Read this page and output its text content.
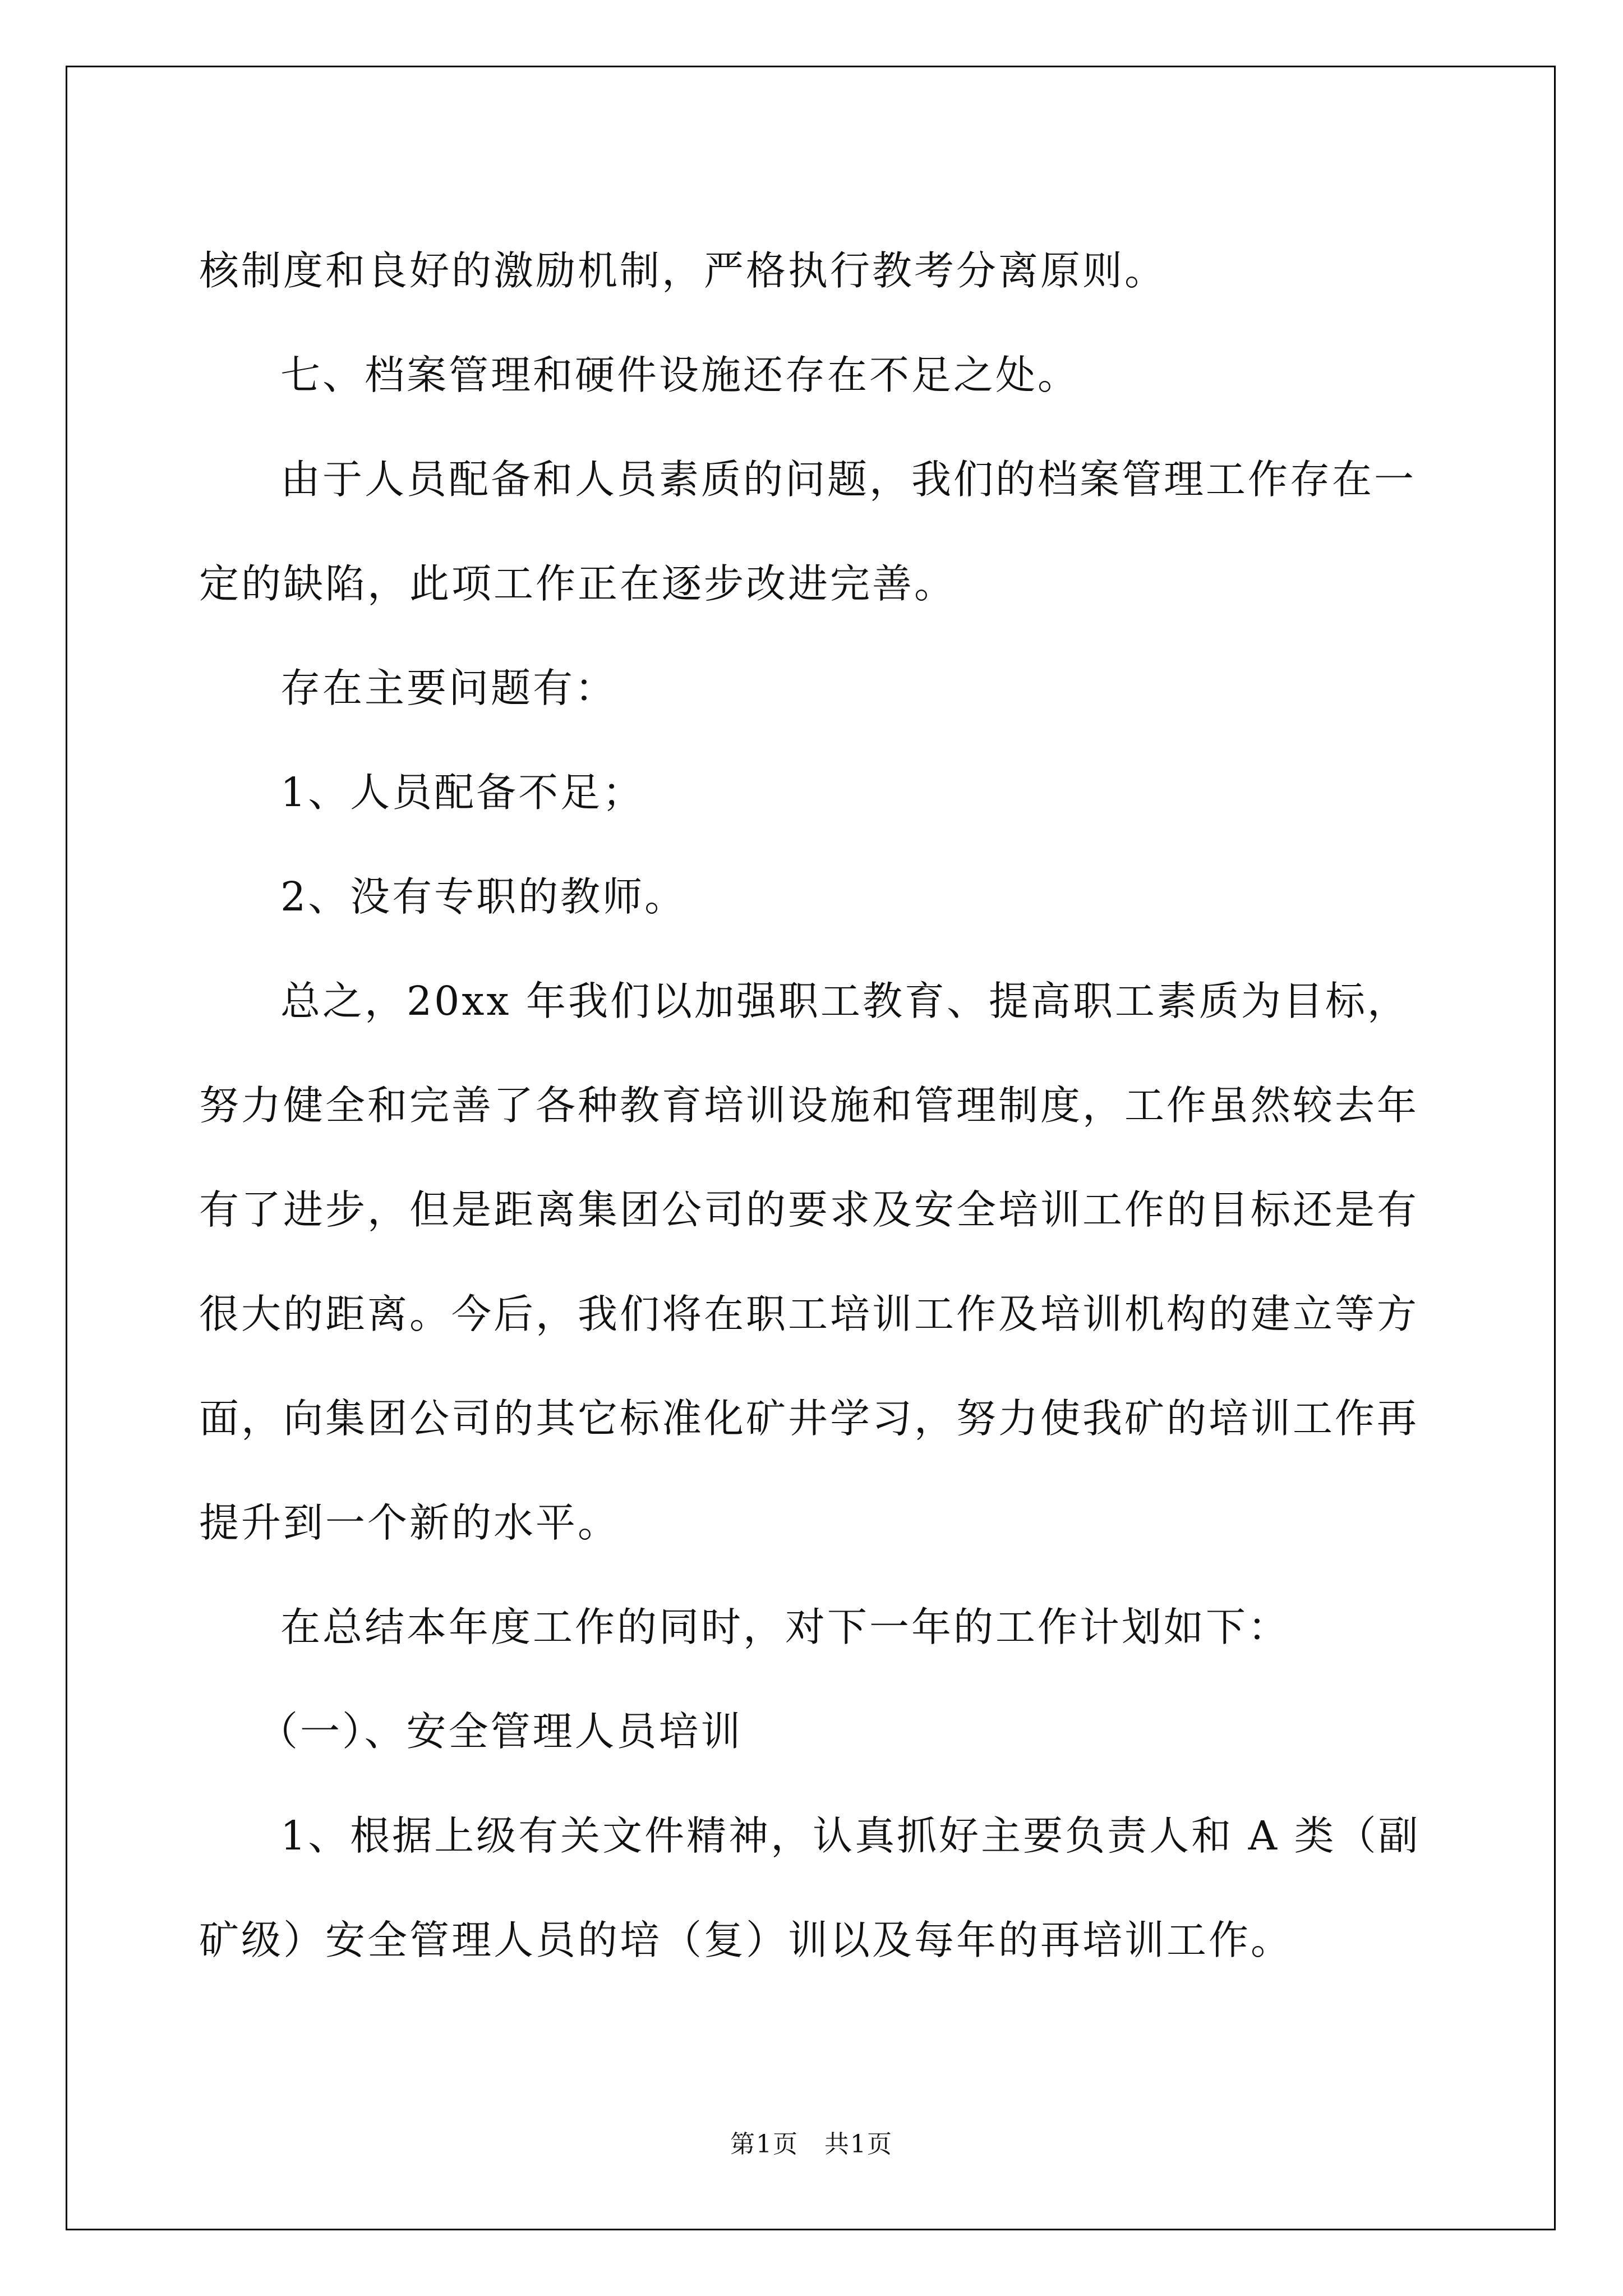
核制度和良好的激励机制，严格执行教考分离原则。

七、档案管理和硬件设施还存在不足之处。

由于人员配备和人员素质的问题，我们的档案管理工作存在一定的缺陷，此项工作正在逐步改进完善。

存在主要问题有：

1、人员配备不足；

2、没有专职的教师。

总之，20xx 年我们以加强职工教育、提高职工素质为目标，努力健全和完善了各种教育培训设施和管理制度，工作虽然较去年有了进步，但是距离集团公司的要求及安全培训工作的目标还是有很大的距离。今后，我们将在职工培训工作及培训机构的建立等方面，向集团公司的其它标准化矿井学习，努力使我矿的培训工作再提升到一个新的水平。

在总结本年度工作的同时，对下一年的工作计划如下：

（一）、安全管理人员培训

1、根据上级有关文件精神，认真抓好主要负责人和 A 类（副矿级）安全管理人员的培（复）训以及每年的再培训工作。

第1页　共1页
